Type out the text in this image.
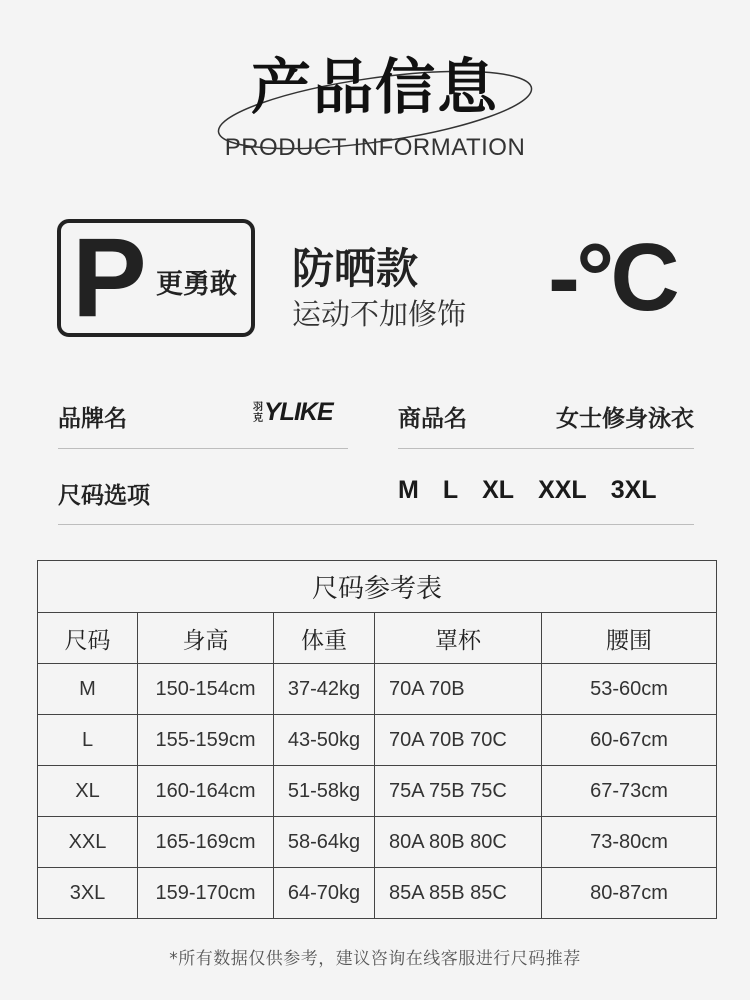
产品信息
PRODUCT INFORMATION
P 更勇敢 防晒款
运动不加修饰 -°C
品牌名	羽克YLIKE	商品名	女士修身泳衣
尺码选项	M L XL XXL 3XL
尺码参考表				
尺码	身高	体重	罩杯	腰围
M	150-154cm	37-42kg	70A 70B	53-60cm
L	155-159cm	43-50kg	70A 70B 70C	60-67cm
XL	160-164cm	51-58kg	75A 75B 75C	67-73cm
XXL	165-169cm	58-64kg	80A 80B 80C	73-80cm
3XL	159-170cm	64-70kg	85A 85B 85C	80-87cm
*所有数据仅供参考，建议咨询在线客服进行尺码推荐
